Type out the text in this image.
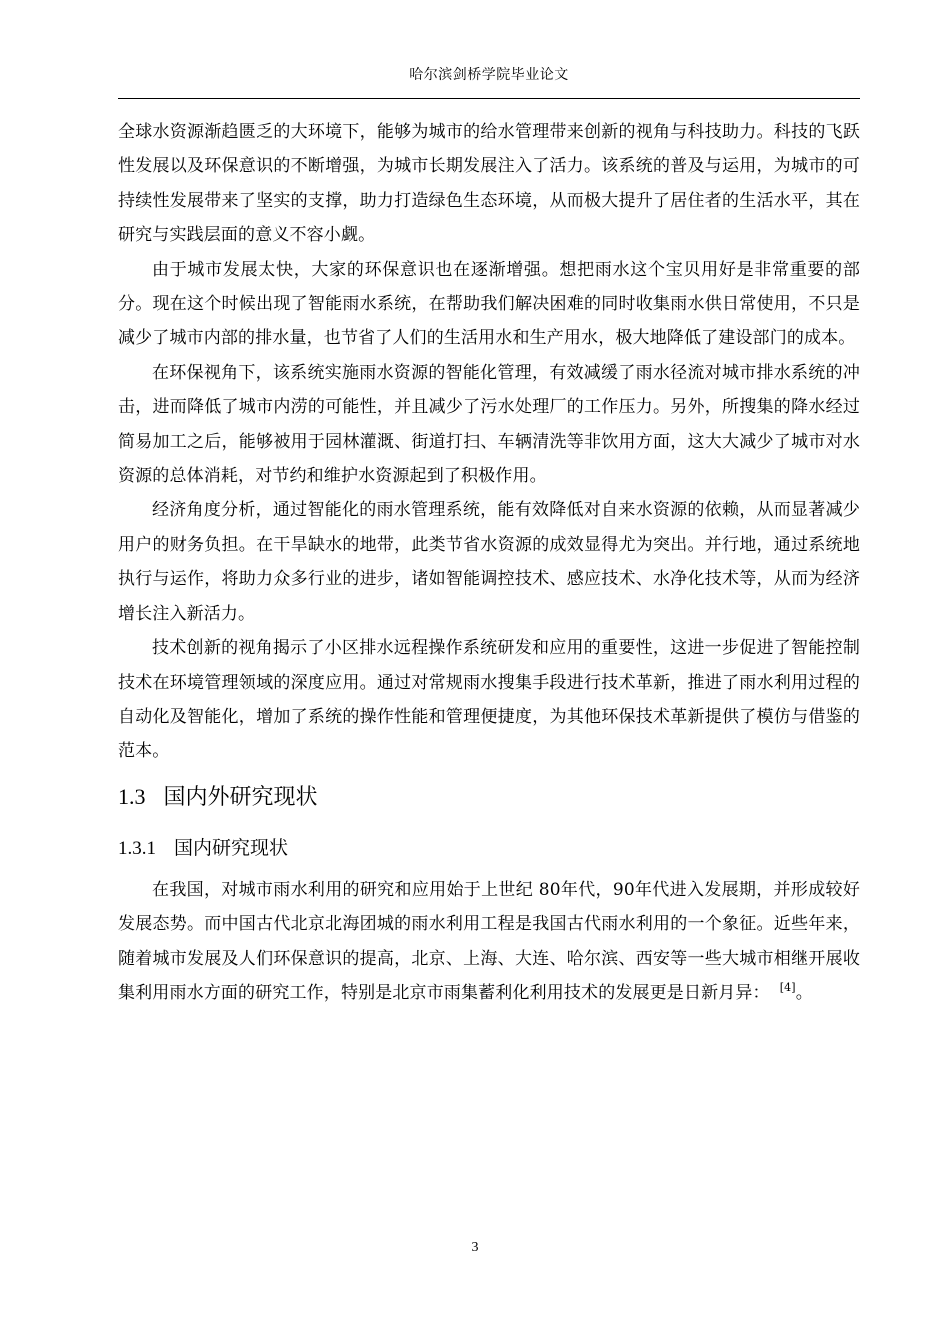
哈尔滨剑桥学院毕业论文

全球水资源渐趋匮乏的大环境下，能够为城市的给水管理带来创新的视角与科技助力。科技的飞跃性发展以及环保意识的不断增强，为城市长期发展注入了活力。该系统的普及与运用，为城市的可持续性发展带来了坚实的支撑，助力打造绿色生态环境，从而极大提升了居住者的生活水平，其在研究与实践层面的意义不容小觑。

由于城市发展太快，大家的环保意识也在逐渐增强。想把雨水这个宝贝用好是非常重要的部分。现在这个时候出现了智能雨水系统，在帮助我们解决困难的同时收集雨水供日常使用，不只是减少了城市内部的排水量，也节省了人们的生活用水和生产用水，极大地降低了建设部门的成本。

在环保视角下，该系统实施雨水资源的智能化管理，有效减缓了雨水径流对城市排水系统的冲击，进而降低了城市内涝的可能性，并且减少了污水处理厂的工作压力。另外，所搜集的降水经过简易加工之后，能够被用于园林灌溉、街道打扫、车辆清洗等非饮用方面，这大大减少了城市对水资源的总体消耗，对节约和维护水资源起到了积极作用。

经济角度分析，通过智能化的雨水管理系统，能有效降低对自来水资源的依赖，从而显著减少用户的财务负担。在干旱缺水的地带，此类节省水资源的成效显得尤为突出。并行地，通过系统地执行与运作，将助力众多行业的进步，诸如智能调控技术、感应技术、水净化技术等，从而为经济增长注入新活力。

技术创新的视角揭示了小区排水远程操作系统研发和应用的重要性，这进一步促进了智能控制技术在环境管理领域的深度应用。通过对常规雨水搜集手段进行技术革新，推进了雨水利用过程的自动化及智能化，增加了系统的操作性能和管理便捷度，为其他环保技术革新提供了模仿与借鉴的范本。

1.3 国内外研究现状
1.3.1 国内研究现状

在我国，对城市雨水利用的研究和应用始于上世纪 80年代，90年代进入发展期，并形成较好发展态势。而中国古代北京北海团城的雨水利用工程是我国古代雨水利用的一个象征。近些年来，随着城市发展及人们环保意识的提高，北京、上海、大连、哈尔滨、西安等一些大城市相继开展收集利用雨水方面的研究工作，特别是北京市雨集蓄利化利用技术的发展更是日新月异： [4]。

3
